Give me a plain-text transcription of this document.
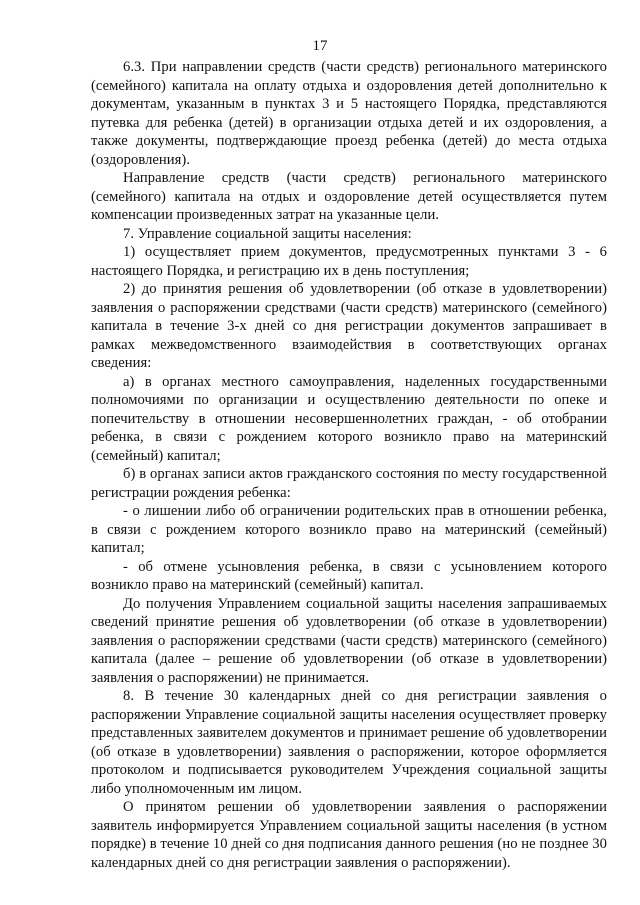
17

6.3. При направлении средств (части средств) регионального материнского (семейного) капитала на оплату отдыха и оздоровления детей дополнительно к документам, указанным в пунктах 3 и 5 настоящего Порядка, представляются путевка для ребенка (детей) в организации отдыха детей и их оздоровления, а также документы, подтверждающие проезд ребенка (детей) до места отдыха (оздоровления).

Направление средств (части средств) регионального материнского (семейного) капитала на отдых и оздоровление детей осуществляется путем компенсации произведенных затрат на указанные цели.

7. Управление социальной защиты населения:

1) осуществляет прием документов, предусмотренных пунктами 3 - 6 настоящего Порядка, и регистрацию их в день поступления;

2) до принятия решения об удовлетворении (об отказе в удовлетворении) заявления о распоряжении средствами (части средств) материнского (семейного) капитала в течение 3-х дней со дня регистрации документов запрашивает в рамках межведомственного взаимодействия в соответствующих органах сведения:

а) в органах местного самоуправления, наделенных государственными полномочиями по организации и осуществлению деятельности по опеке и попечительству в отношении несовершеннолетних граждан, - об отобрании ребенка, в связи с рождением которого возникло право на материнский (семейный) капитал;

б) в органах записи актов гражданского состояния по месту государственной регистрации рождения ребенка:

- о лишении либо об ограничении родительских прав в отношении ребенка, в связи с рождением которого возникло право на материнский (семейный) капитал;

- об отмене усыновления ребенка, в связи с усыновлением которого возникло право на материнский (семейный) капитал.

До получения Управлением социальной защиты населения запрашиваемых сведений принятие решения об удовлетворении (об отказе в удовлетворении) заявления о распоряжении средствами (части средств) материнского (семейного) капитала (далее – решение об удовлетворении (об отказе в удовлетворении) заявления о распоряжении) не принимается.

8. В течение 30 календарных дней со дня регистрации заявления о распоряжении Управление социальной защиты населения осуществляет проверку представленных заявителем документов и принимает решение об удовлетворении (об отказе в удовлетворении) заявления о распоряжении, которое оформляется протоколом и подписывается руководителем Учреждения социальной защиты либо уполномоченным им лицом.

О принятом решении об удовлетворении заявления о распоряжении заявитель информируется Управлением социальной защиты населения (в устном порядке) в течение 10 дней со дня подписания данного решения (но не позднее 30 календарных дней со дня регистрации заявления о распоряжении).
